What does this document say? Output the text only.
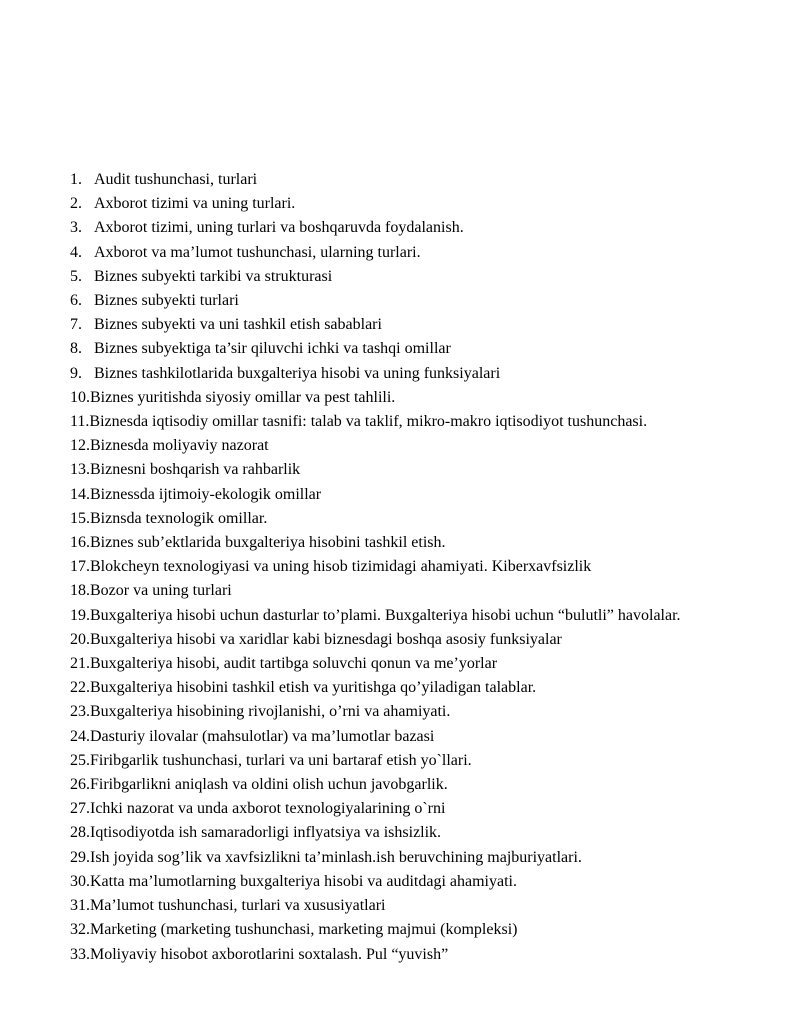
1. Audit tushunchasi, turlari
2. Axborot tizimi va uning turlari.
3. Axborot tizimi, uning turlari va boshqaruvda foydalanish.
4. Axborot va ma’lumot tushunchasi, ularning turlari.
5. Biznes subyekti tarkibi va strukturasi
6. Biznes subyekti turlari
7. Biznes subyekti va uni tashkil etish sabablari
8. Biznes subyektiga ta’sir qiluvchi ichki va tashqi omillar
9. Biznes tashkilotlarida buxgalteriya hisobi va uning funksiyalari
10. Biznes yuritishda siyosiy omillar va pest tahlili.
11. Biznesda iqtisodiy omillar tasnifi: talab va taklif, mikro-makro iqtisodiyot tushunchasi.
12. Biznesda moliyaviy nazorat
13. Biznesni boshqarish va rahbarlik
14. Biznessda ijtimoiy-ekologik omillar
15. Biznsda texnologik omillar.
16. Biznes sub’ektlarida buxgalteriya hisobini tashkil etish.
17. Blokcheyn texnologiyasi va uning hisob tizimidagi ahamiyati. Kiberxavfsizlik
18. Bozor va uning turlari
19. Buxgalteriya hisobi uchun dasturlar to’plami. Buxgalteriya hisobi uchun “bulutli” havolalar.
20. Buxgalteriya hisobi va xaridlar kabi biznesdagi boshqa asosiy funksiyalar
21. Buxgalteriya hisobi, audit tartibga soluvchi qonun va me’yorlar
22. Buxgalteriya hisobini tashkil etish va yuritishga qo’yiladigan talablar.
23. Buxgalteriya hisobining rivojlanishi, o’rni va ahamiyati.
24. Dasturiy ilovalar (mahsulotlar) va ma’lumotlar bazasi
25. Firibgarlik tushunchasi, turlari va uni bartaraf etish yo`llari.
26. Firibgarlikni aniqlash va oldini olish uchun javobgarlik.
27. Ichki nazorat va unda axborot texnologiyalarining o`rni
28. Iqtisodiyotda ish samaradorligi inflyatsiya va ishsizlik.
29. Ish joyida sog’lik va xavfsizlikni ta’minlash.ish beruvchining majburiyatlari.
30. Katta ma’lumotlarning buxgalteriya hisobi va auditdagi ahamiyati.
31. Ma’lumot tushunchasi, turlari va xususiyatlari
32. Marketing (marketing tushunchasi, marketing majmui (kompleksi)
33. Moliyaviy hisobot axborotlarini soxtalash. Pul “yuvish”
